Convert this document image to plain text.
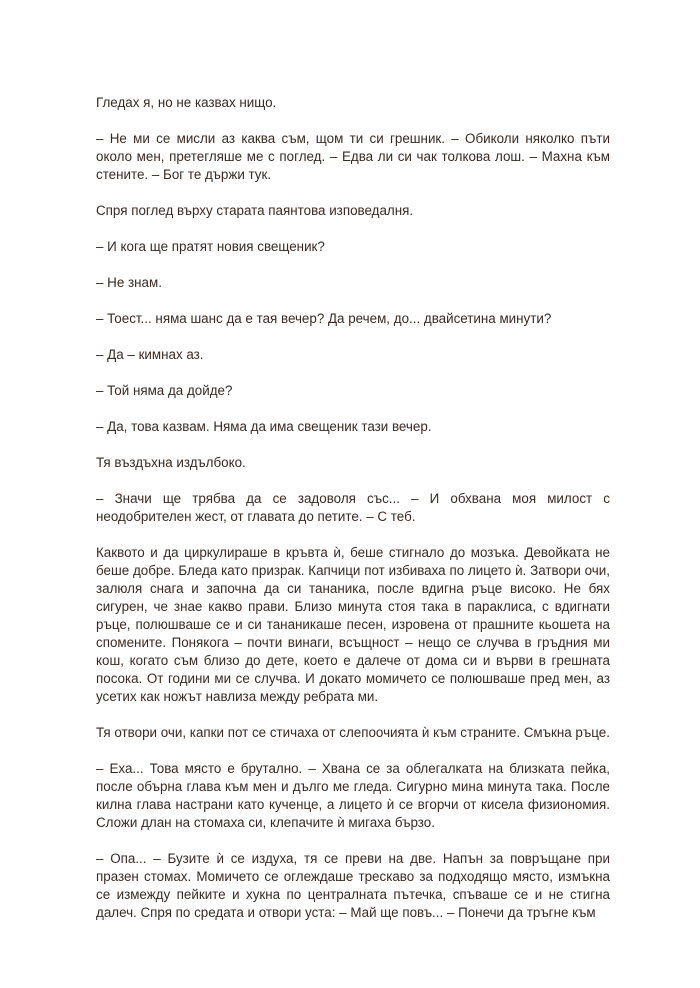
Гледах я, но не казвах нищо.

– Не ми се мисли аз каква съм, щом ти си грешник. – Обиколи няколко пъти около мен, претегляше ме с поглед. – Едва ли си чак толкова лош. – Махна към стените. – Бог те държи тук.

Спря поглед върху старата паянтова изповедалня.

– И кога ще пратят новия свещеник?

– Не знам.

– Тоест... няма шанс да е тая вечер? Да речем, до... двайсетина минути?

– Да – кимнах аз.

– Той няма да дойде?

– Да, това казвам. Няма да има свещеник тази вечер.

Тя въздъхна издълбоко.

– Значи ще трябва да се задоволя със... – И обхвана моя милост с неодобрителен жест, от главата до петите. – С теб.

Каквото и да циркулираше в кръвта ѝ, беше стигнало до мозъка. Девойката не беше добре. Бледа като призрак. Капчици пот избиваха по лицето ѝ. Затвори очи, залюля снага и започна да си тананика, после вдигна ръце високо. Не бях сигурен, че знае какво прави. Близо минута стоя така в параклиса, с вдигнати ръце, полюшваше се и си тананикаше песен, изровена от прашните кьошета на спомените. Понякога – почти винаги, всъщност – нещо се случва в гръдния ми кош, когато съм близо до дете, което е далече от дома си и върви в грешната посока. От години ми се случва. И докато момичето се полюшваше пред мен, аз усетих как ножът навлиза между ребрата ми.

Тя отвори очи, капки пот се стичаха от слепоочията ѝ към страните. Смъкна ръце.

– Еха... Това място е брутално. – Хвана се за облегалката на близката пейка, после обърна глава към мен и дълго ме гледа. Сигурно мина минута така. После килна глава настрани като кученце, а лицето ѝ се вгорчи от кисела физиономия. Сложи длан на стомаха си, клепачите ѝ мигаха бързо.

– Опа... – Бузите ѝ се издуха, тя се преви на две. Напън за повръщане при празен стомах. Момичето се оглеждаше трескаво за подходящо място, измъкна се измежду пейките и хукна по централната пътечка, спъваше се и не стигна далеч. Спря по средата и отвори уста: – Май ще повъ... – Понечи да тръгне към
